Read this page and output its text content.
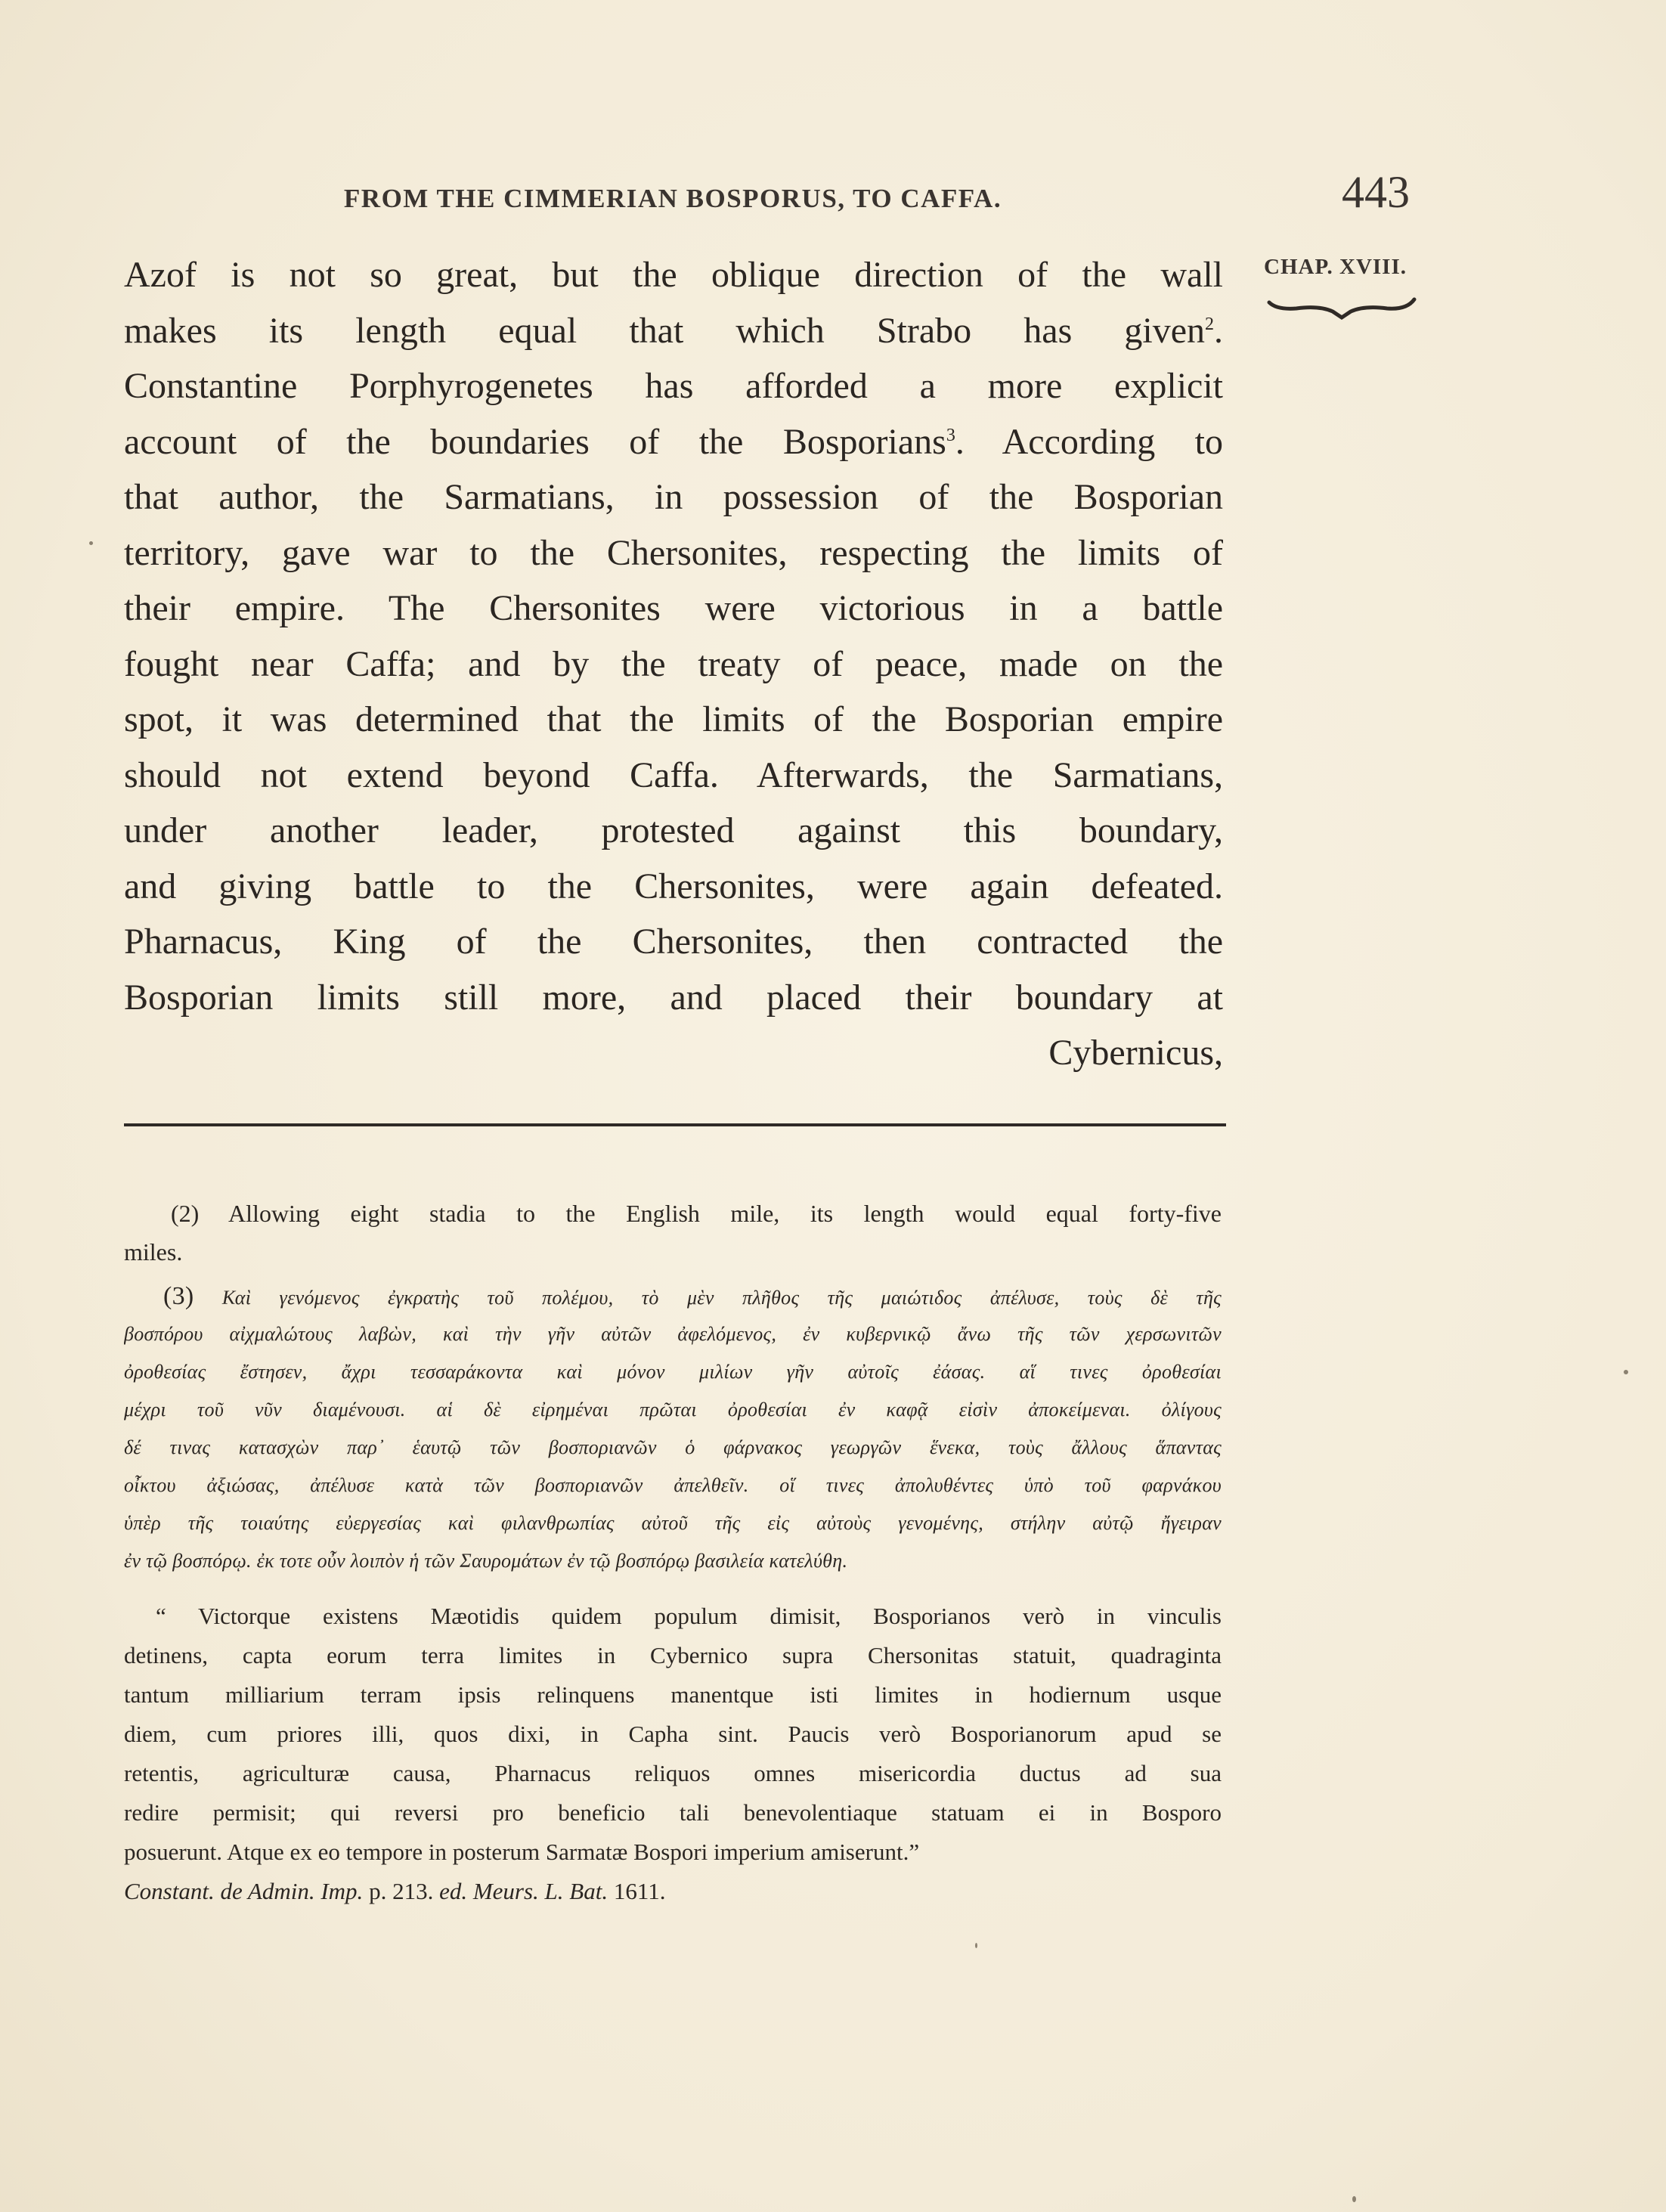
FROM THE CIMMERIAN BOSPORUS, TO CAFFA.	443
CHAP. XVIII.
Azof is not so great, but the oblique direction of the wall
makes its length equal that which Strabo has given$^2$.
Constantine Porphyrogenetes has afforded a more explicit
account of the boundaries of the Bosporians$^3$. According to
that author, the Sarmatians, in possession of the Bosporian
territory, gave war to the Chersonites, respecting the limits of
their empire. The Chersonites were victorious in a battle
fought near Caffa; and by the treaty of peace, made on the
spot, it was determined that the limits of the Bosporian empire
should not extend beyond Caffa. Afterwards, the Sarmatians,
under another leader, protested against this boundary,
and giving battle to the Chersonites, were again defeated.
Pharnacus, King of the Chersonites, then contracted the
Bosporian limits still more, and placed their boundary at
Cybernicus,
(2) Allowing eight stadia to the English mile, its length would equal forty-five
miles.
(3) Καὶ γενόμενος ἐγκρατὴς τοῦ πολέμου, τὸ μὲν πλῆθος τῆς μαιώτιδος ἀπέλυσε, τοὺς δὲ τῆς
βοσπόρου αἰχμαλώτους λαβὼν, καὶ τὴν γῆν αὐτῶν ἀφελόμενος, ἐν κυβερνικῷ ἄνω τῆς τῶν χερσωνιτῶν
ὀροθεσίας ἔστησεν, ἄχρι τεσσαράκοντα καὶ μόνον μιλίων γῆν αὐτοῖς ἐάσας. αἵ τινες ὀροθεσίαι
μέχρι τοῦ νῦν διαμένουσι. αἱ δὲ εἰρημέναι πρῶται ὀροθεσίαι ἐν καφᾷ εἰσὶν ἀποκείμεναι. ὀλίγους
δέ τινας κατασχὼν παρ᾽ ἑαυτῷ τῶν βοσποριανῶν ὁ φάρνακος γεωργῶν ἕνεκα, τοὺς ἄλλους ἅπαντας
οἶκτου ἀξιώσας, ἀπέλυσε κατὰ τῶν βοσποριανῶν ἀπελθεῖν. οἵ τινες ἀπολυθέντες ὑπὸ τοῦ φαρνάκου
ὑπὲρ τῆς τοιαύτης εὐεργεσίας καὶ φιλανθρωπίας αὐτοῦ τῆς εἰς αὐτοὺς γενομένης, στήλην αὐτῷ ἤγειραν
ἐν τῷ βοσπόρῳ. ἐκ τοτε οὖν λοιπὸν ἡ τῶν Σαυρομάτων ἐν τῷ βοσπόρῳ βασιλεία κατελύθη.
“ Victorque existens Mæotidis quidem populum dimisit, Bosporianos verò in vinculis
detinens, capta eorum terra limites in Cybernico supra Chersonitas statuit, quadraginta
tantum milliarium terram ipsis relinquens manentque isti limites in hodiernum usque
diem, cum priores illi, quos dixi, in Capha sint. Paucis verò Bosporianorum apud se
retentis, agriculturæ causa, Pharnacus reliquos omnes misericordia ductus ad sua
redire permisit; qui reversi pro beneficio tali benevolentiaque statuam ei in Bosporo
posuerunt. Atque ex eo tempore in posterum Sarmatæ Bospori imperium amiserunt.”
Constant. de Admin. Imp. p. 213. ed. Meurs. L. Bat. 1611.
